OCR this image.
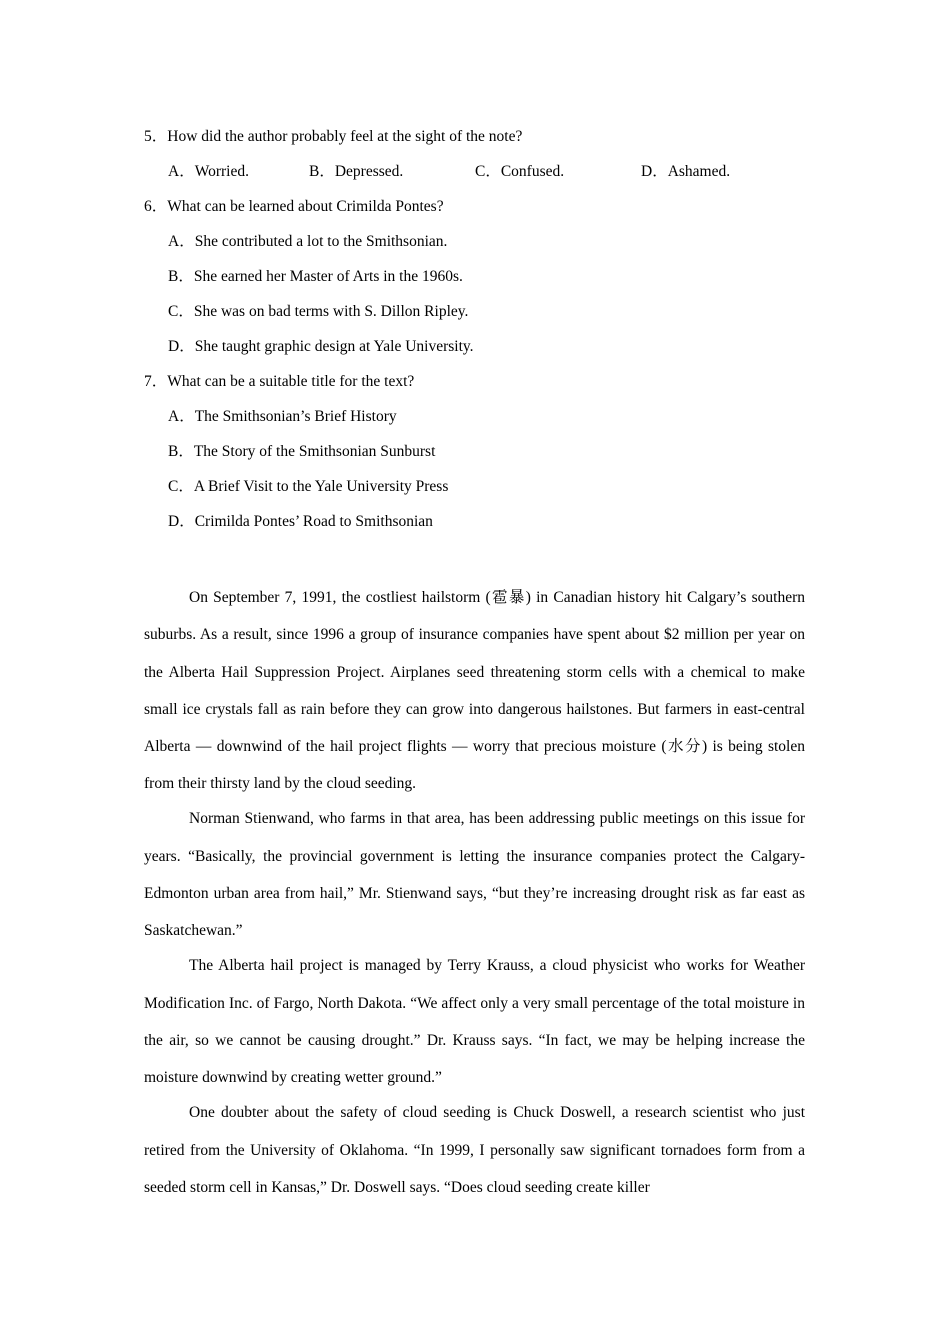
5．How did the author probably feel at the sight of the note?
A．Worried.	B．Depressed.	C．Confused.	D．Ashamed.
6．What can be learned about Crimilda Pontes?
A．She contributed a lot to the Smithsonian.
B．She earned her Master of Arts in the 1960s.
C．She was on bad terms with S. Dillon Ripley.
D．She taught graphic design at Yale University.
7．What can be a suitable title for the text?
A．The Smithsonian’s Brief History
B．The Story of the Smithsonian Sunburst
C．A Brief Visit to the Yale University Press
D．Crimilda Pontes’ Road to Smithsonian

On September 7, 1991, the costliest hailstorm (雹暴) in Canadian history hit Calgary’s southern suburbs. As a result, since 1996 a group of insurance companies have spent about $2 million per year on the Alberta Hail Suppression Project. Airplanes seed threatening storm cells with a chemical to make small ice crystals fall as rain before they can grow into dangerous hailstones. But farmers in east-central Alberta — downwind of the hail project flights — worry that precious moisture (水分) is being stolen from their thirsty land by the cloud seeding.

Norman Stienwand, who farms in that area, has been addressing public meetings on this issue for years. “Basically, the provincial government is letting the insurance companies protect the Calgary-Edmonton urban area from hail,” Mr. Stienwand says, “but they’re increasing drought risk as far east as Saskatchewan.”

The Alberta hail project is managed by Terry Krauss, a cloud physicist who works for Weather Modification Inc. of Fargo, North Dakota. “We affect only a very small percentage of the total moisture in the air, so we cannot be causing drought.” Dr. Krauss says. “In fact, we may be helping increase the moisture downwind by creating wetter ground.”

One doubter about the safety of cloud seeding is Chuck Doswell, a research scientist who just retired from the University of Oklahoma. “In 1999, I personally saw significant tornadoes form from a seeded storm cell in Kansas,” Dr. Doswell says. “Does cloud seeding create killer
